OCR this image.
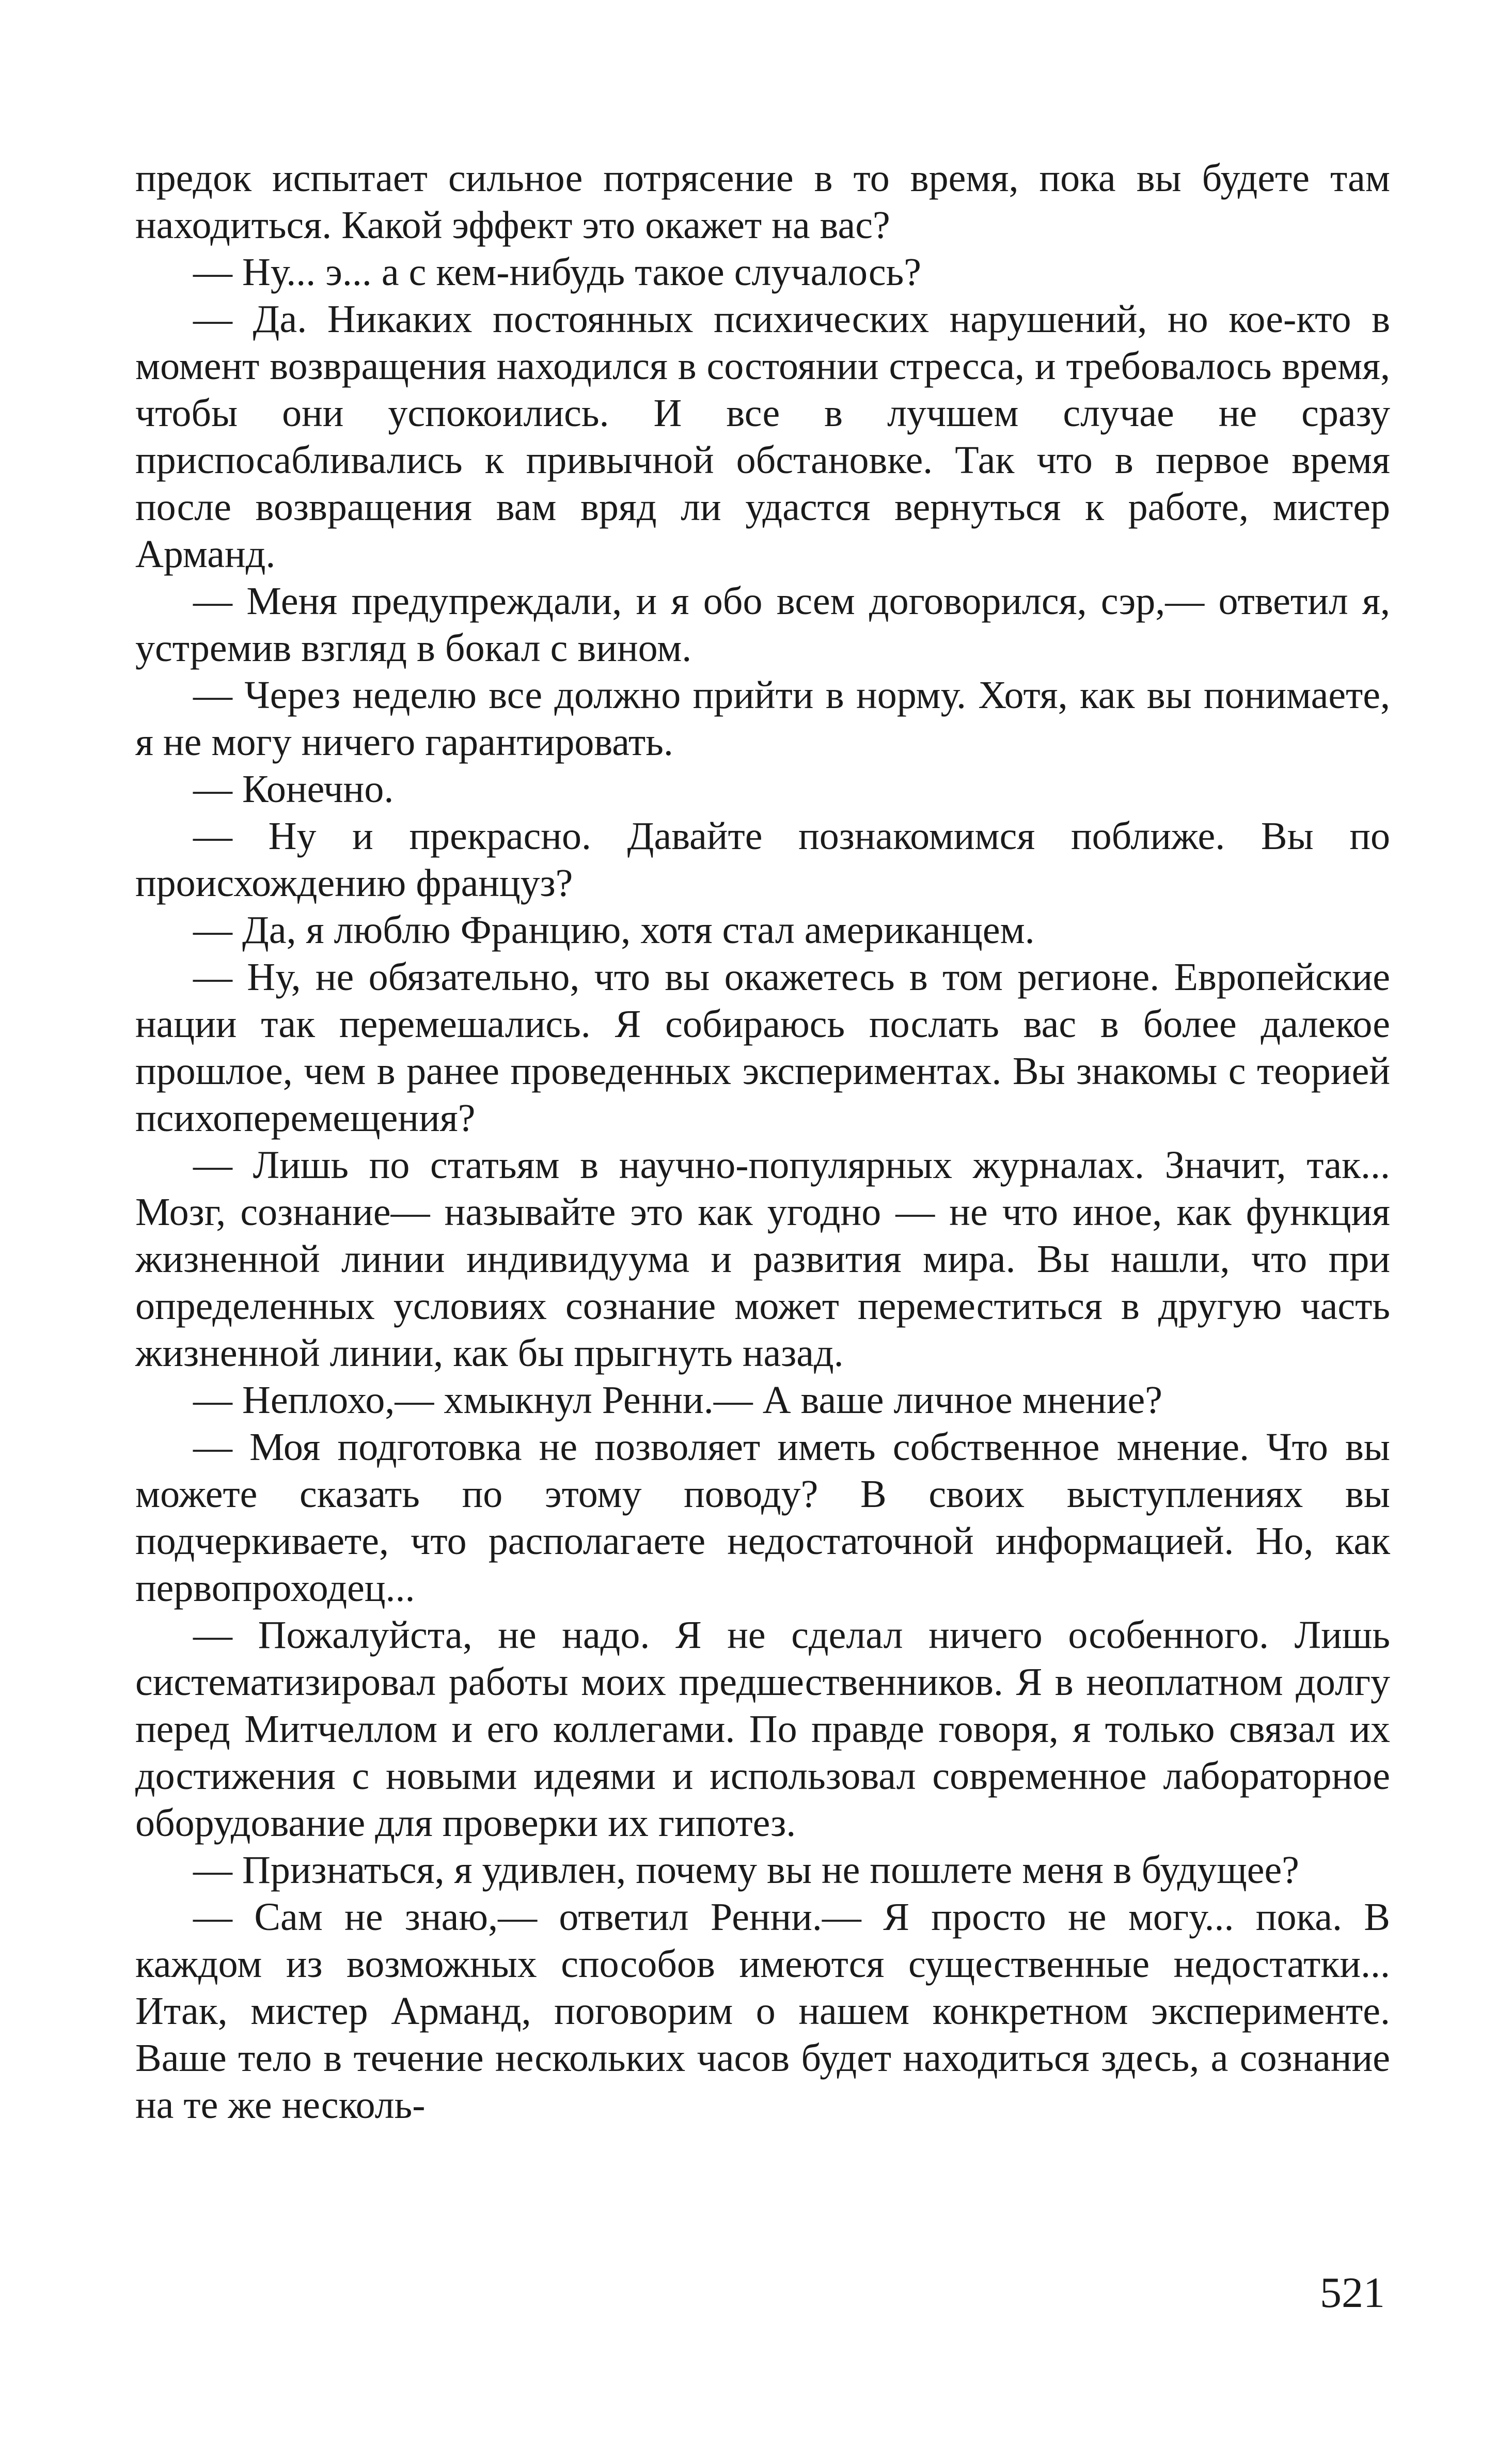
предок испытает сильное потрясение в то время, пока вы будете там находиться. Какой эффект это окажет на вас?

— Ну... э... а с кем-нибудь такое случалось?

— Да. Никаких постоянных психических нарушений, но кое-кто в момент возвращения находился в состоянии стресса, и требовалось время, чтобы они успокоились. И все в лучшем случае не сразу приспосабливались к привычной обстановке. Так что в первое время после возвращения вам вряд ли удастся вернуться к работе, мистер Арманд.

— Меня предупреждали, и я обо всем договорился, сэр,— ответил я, устремив взгляд в бокал с вином.

— Через неделю все должно прийти в норму. Хотя, как вы понимаете, я не могу ничего гарантировать.

— Конечно.

— Ну и прекрасно. Давайте познакомимся поближе. Вы по происхождению француз?

— Да, я люблю Францию, хотя стал американцем.

— Ну, не обязательно, что вы окажетесь в том регионе. Европейские нации так перемешались. Я собираюсь послать вас в более далекое прошлое, чем в ранее проведенных экспериментах. Вы знакомы с теорией психоперемещения?

— Лишь по статьям в научно-популярных журналах. Значит, так... Мозг, сознание— называйте это как угодно — не что иное, как функция жизненной линии индивидуума и развития мира. Вы нашли, что при определенных условиях сознание может переместиться в другую часть жизненной линии, как бы прыгнуть назад.

— Неплохо,— хмыкнул Ренни.— А ваше личное мнение?

— Моя подготовка не позволяет иметь собственное мнение. Что вы можете сказать по этому поводу? В своих выступлениях вы подчеркиваете, что располагаете недостаточной информацией. Но, как первопроходец...

— Пожалуйста, не надо. Я не сделал ничего особенного. Лишь систематизировал работы моих предшественников. Я в неоплатном долгу перед Митчеллом и его коллегами. По правде говоря, я только связал их достижения с новыми идеями и использовал современное лабораторное оборудование для проверки их гипотез.

— Признаться, я удивлен, почему вы не пошлете меня в будущее?

— Сам не знаю,— ответил Ренни.— Я просто не могу... пока. В каждом из возможных способов имеются существенные недостатки... Итак, мистер Арманд, поговорим о нашем конкретном эксперименте. Ваше тело в течение нескольких часов будет находиться здесь, а сознание на те же несколь-

521
